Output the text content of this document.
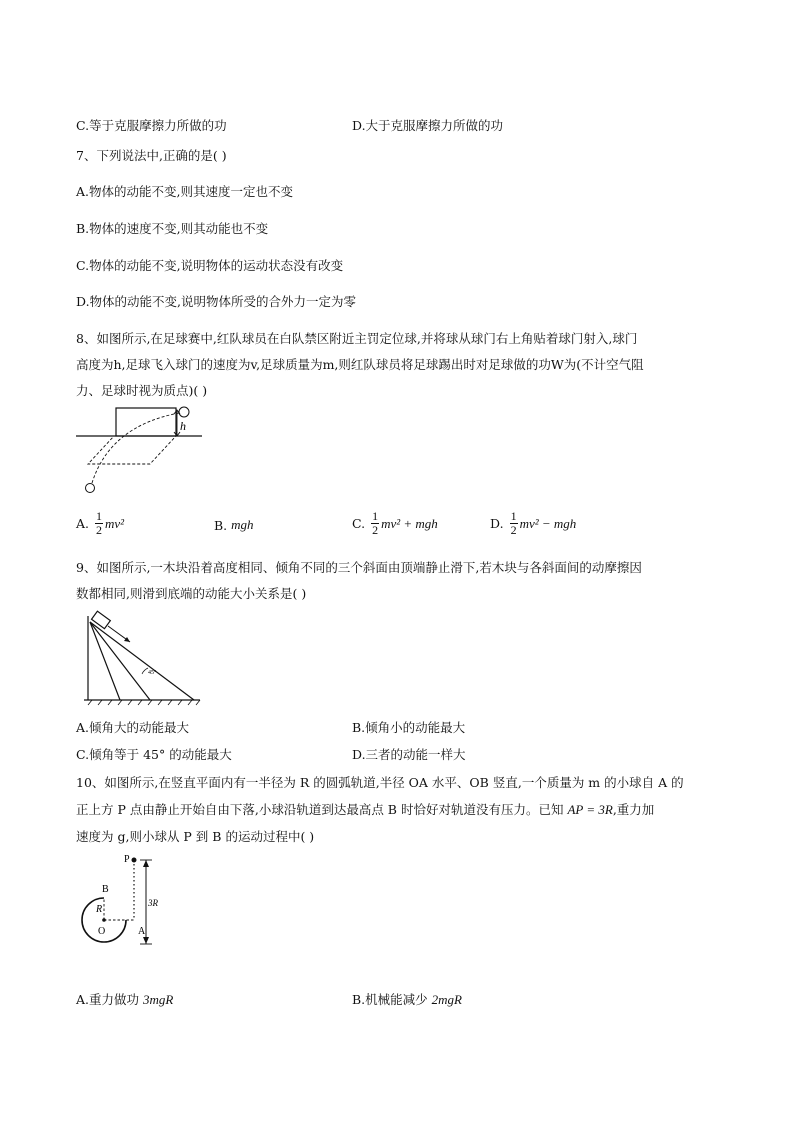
C.等于克服摩擦力所做的功	D.大于克服摩擦力所做的功
7、下列说法中,正确的是( )
A.物体的动能不变,则其速度一定也不变
B.物体的速度不变,则其动能也不变
C.物体的动能不变,说明物体的运动状态没有改变
D.物体的动能不变,说明物体所受的合外力一定为零
8、如图所示,在足球赛中,红队球员在白队禁区附近主罚定位球,并将球从球门右上角贴着球门射入,球门
高度为h,足球飞入球门的速度为v,足球质量为m,则红队球员将足球踢出时对足球做的功W为(不计空气阻
力、足球时视为质点)( )
h
A. $\frac{1}{2} mv^2$	B. mgh	C. $\frac{1}{2} mv^2$ + mgh	D. $\frac{1}{2} mv^2$ − mgh
9、如图所示,一木块沿着高度相同、倾角不同的三个斜面由顶端静止滑下,若木块与各斜面间的动摩擦因
数都相同,则滑到底端的动能大小关系是( )
45°
A.倾角大的动能最大	B.倾角小的动能最大
C.倾角等于 45° 的动能最大	D.三者的动能一样大
10、如图所示,在竖直平面内有一半径为 R 的圆弧轨道,半径 OA 水平、OB 竖直,一个质量为 m 的小球自 A 的
正上方 P 点由静止开始自由下落,小球沿轨道到达最高点 B 时恰好对轨道没有压力。已知 AP = 3R,重力加
速度为 g,则小球从 P 到 B 的运动过程中( )
P
B
R
O	A
3R
A.重力做功 3mgR	B.机械能减少 2mgR
